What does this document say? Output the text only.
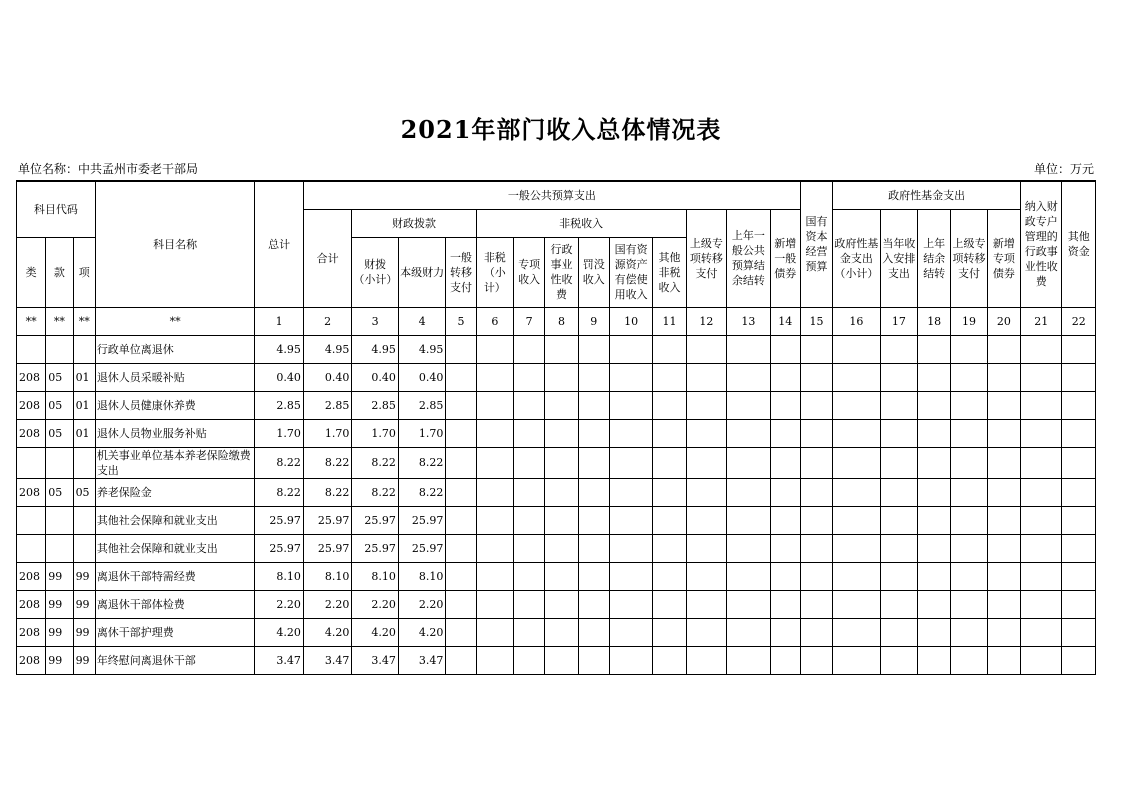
2021年部门收入总体情况表
单位名称：中共孟州市委老干部局	单位：万元
科目代码			科目名称	总计	一般公共预算支出													国有资本经营预算	政府性基金支出					纳入财政专户管理的行政事业性收费	其他资金
					合计	财政拨款			非税收入						上级专项转移支付	上年一般公共预算结余结转	新增一般债券		政府性基金支出（小计）	当年收入安排支出	上年结余结转	上级专项转移支付	新增专项债券		
类	款	项				财拨（小计）	本级财力	一般转移支付	非税（小计）	专项收入	行政事业性收费	罚没收入	国有资源资产有偿使用收入	其他非税收入											
**	**	**	**	1	2	3	4	5	6	7	8	9	10	11	12	13	14	15	16	17	18	19	20	21	22
			行政单位离退休	4.95	4.95	4.95	4.95																		
208	05	01	退休人员采暖补贴	0.40	0.40	0.40	0.40																		
208	05	01	退休人员健康休养费	2.85	2.85	2.85	2.85																		
208	05	01	退休人员物业服务补贴	1.70	1.70	1.70	1.70																		
			机关事业单位基本养老保险缴费支出	8.22	8.22	8.22	8.22																		
208	05	05	养老保险金	8.22	8.22	8.22	8.22																		
			其他社会保障和就业支出	25.97	25.97	25.97	25.97																		
			其他社会保障和就业支出	25.97	25.97	25.97	25.97																		
208	99	99	离退休干部特需经费	8.10	8.10	8.10	8.10																		
208	99	99	离退休干部体检费	2.20	2.20	2.20	2.20																		
208	99	99	离休干部护理费	4.20	4.20	4.20	4.20																		
208	99	99	年终慰问离退休干部	3.47	3.47	3.47	3.47																		
